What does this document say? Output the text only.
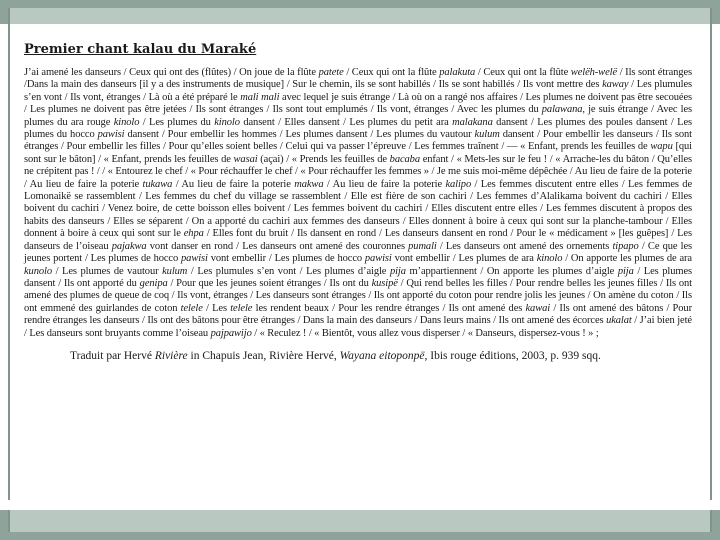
Premier chant kalau du Maraké

J’ai amené les danseurs / Ceux qui ont des (flûtes) / On joue de la flûte patete / Ceux qui ont la flûte palakuta / Ceux qui ont la flûte welëh-welë / Ils sont étranges /Dans la main des danseurs [il y a des instruments de musique] / Sur le chemin, ils se sont habillés / Ils se sont habillés / Ils vont mettre des kaway / Les plumules s’en vont / Ils vont, étranges / Là où a été préparé le mali mali avec lequel je suis étrange / Là où on a rangé nos affaires / Les plumes ne doivent pas être secouées / Les plumes ne doivent pas être jetées / Ils sont étranges / Ils sont tout emplumés / Ils vont, étranges / Avec les plumes du palawana, je suis étrange / Avec les plumes du ara rouge kinolo / Les plumes du kinolo dansent / Elles dansent / Les plumes du petit ara malakana dansent / Les plumes des poules dansent / Les plumes du hocco pawisi dansent / Pour embellir les hommes / Les plumes dansent / Les plumes du vautour kulum dansent / Pour embellir les danseurs / Ils sont étranges / Pour embellir les filles / Pour qu’elles soient belles / Celui qui va passer l’épreuve / Les femmes traînent / — « Enfant, prends les feuilles de wapu [qui sont sur le bâton] / « Enfant, prends les feuilles de wasai (açai) / « Prends les feuilles de bacaba enfant / « Mets-les sur le feu ! / « Arrache-les du bâton / Qu’elles ne crépitent pas ! / / « Entourez le chef / « Pour réchauffer le chef / « Pour réchauffer les femmes » / Je me suis moi-même dépêchée / Au lieu de faire de la poterie / Au lieu de faire la poterie tukawa / Au lieu de faire la poterie makwa / Au lieu de faire la poterie kalipo / Les femmes discutent entre elles / Les femmes de Lomonaikë se rassemblent / Les femmes du chef du village se rassemblent / Elle est fière de son cachiri / Les femmes d’Alalikama boivent du cachiri / Elles boivent du cachiri / Venez boire, de cette boisson elles boivent / Les femmes boivent du cachiri / Elles discutent entre elles / Les femmes discutent à propos des habits des danseurs / Elles se séparent / On a apporté du cachiri aux femmes des danseurs / Elles donnent à boire à ceux qui sont sur la planche-tambour / Elles donnent à boire à ceux qui sont sur le ehpa / Elles font du bruit / Ils dansent en rond / Les danseurs dansent en rond / Pour le « médicament » [les guêpes] / Les danseurs de l’oiseau pajakwa vont danser en rond / Les danseurs ont amené des couronnes pumali / Les danseurs ont amené des ornements tipapo / Ce que les jeunes portent / Les plumes de hocco pawisi vont embellir / Les plumes de hocco pawisi vont embellir / Les plumes de ara kinolo / On apporte les plumes de ara kunolo / Les plumes de vautour kulum / Les plumules s’en vont / Les plumes d’aigle pija m’appartiennent / On apporte les plumes d’aigle pija / Les plumes dansent / Ils ont apporté du genipa / Pour que les jeunes soient étranges / Ils ont du kusipë / Qui rend belles les filles / Pour rendre belles les jeunes filles / Ils ont amené des plumes de queue de coq / Ils vont, étranges / Les danseurs sont étranges / Ils ont apporté du coton pour rendre jolis les jeunes / On amène du coton / Ils ont emmené des guirlandes de coton telele / Les telele les rendent beaux / Pour les rendre étranges / Ils ont amené des kawai / Ils ont amené des bâtons / Pour rendre étranges les danseurs / Ils ont des bâtons pour être étranges / Dans la main des danseurs / Dans leurs mains / Ils ont amené des écorces ukalat / J’ai bien jeté / Les danseurs sont bruyants comme l’oiseau pajpawijo / « Reculez ! / « Bientôt, vous allez vous disperser / « Danseurs, dispersez-vous ! » ;

Traduit par Hervé Rivière in Chapuis Jean, Rivière Hervé, Wayana eitoponpë, Ibis rouge éditions, 2003, p. 939 sqq.
